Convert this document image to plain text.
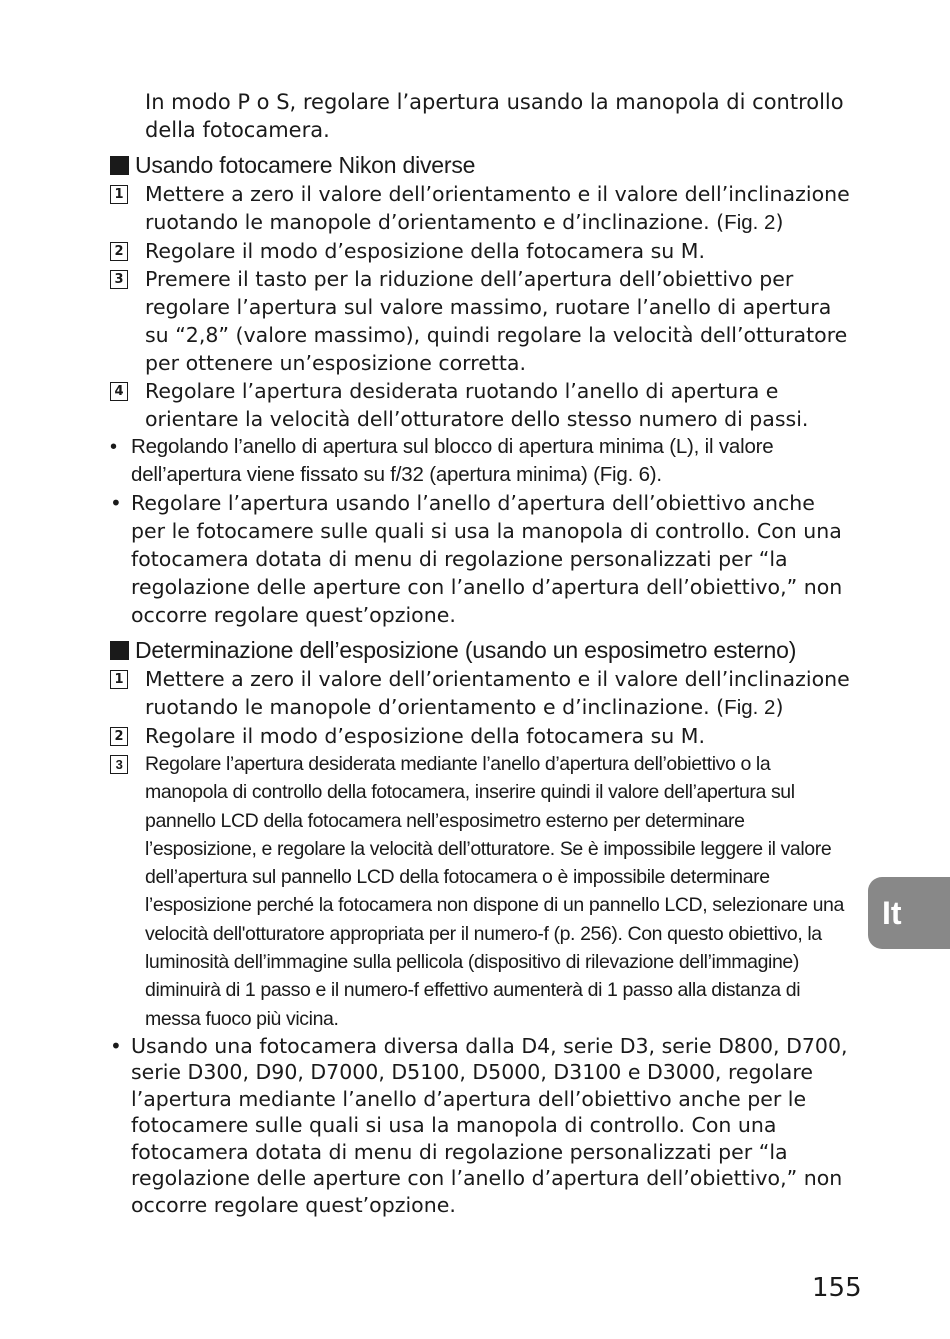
In modo P o S, regolare l’apertura usando la manopola di controllo della fotocamera.

Usando fotocamere Nikon diverse
1 Mettere a zero il valore dell’orientamento e il valore dell’inclinazione ruotando le manopole d’orientamento e d’inclinazione. (Fig. 2)
2 Regolare il modo d’esposizione della fotocamera su M.
3 Premere il tasto per la riduzione dell’apertura dell’obiettivo per regolare l’apertura sul valore massimo, ruotare l’anello di apertura su “2,8” (valore massimo), quindi regolare la velocità dell’otturatore per ottenere un’esposizione corretta.
4 Regolare l’apertura desiderata ruotando l’anello di apertura e orientare la velocità dell’otturatore dello stesso numero di passi.
• Regolando l’anello di apertura sul blocco di apertura minima (L), il valore dell’apertura viene fissato su f/32 (apertura minima) (Fig. 6).
• Regolare l’apertura usando l’anello d’apertura dell’obiettivo anche per le fotocamere sulle quali si usa la manopola di controllo. Con una fotocamera dotata di menu di regolazione personalizzati per “la regolazione delle aperture con l’anello d’apertura dell’obiettivo,” non occorre regolare quest’opzione.
Determinazione dell’esposizione (usando un esposimetro esterno)
1 Mettere a zero il valore dell’orientamento e il valore dell’inclinazione ruotando le manopole d’orientamento e d’inclinazione. (Fig. 2)
2 Regolare il modo d’esposizione della fotocamera su M.
3 Regolare l’apertura desiderata mediante l’anello d’apertura dell’obiettivo o la manopola di controllo della fotocamera, inserire quindi il valore dell’apertura sul pannello LCD della fotocamera nell’esposimetro esterno per determinare l’esposizione, e regolare la velocità dell’otturatore. Se è impossibile leggere il valore dell’apertura sul pannello LCD della fotocamera o è impossibile determinare l’esposizione perché la fotocamera non dispone di un pannello LCD, selezionare una velocità dell'otturatore appropriata per il numero-f (p. 256). Con questo obiettivo, la luminosità dell’immagine sulla pellicola (dispositivo di rilevazione dell’immagine) diminuirà di 1 passo e il numero-f effettivo aumenterà di 1 passo alla distanza di messa fuoco più vicina.
• Usando una fotocamera diversa dalla D4, serie D3, serie D800, D700, serie D300, D90, D7000, D5100, D5000, D3100 e D3000, regolare l’apertura mediante l’anello d’apertura dell’obiettivo anche per le fotocamere sulle quali si usa la manopola di controllo. Con una fotocamera dotata di menu di regolazione personalizzati per “la regolazione delle aperture con l’anello d’apertura dell’obiettivo,” non occorre regolare quest’opzione.
It
155
